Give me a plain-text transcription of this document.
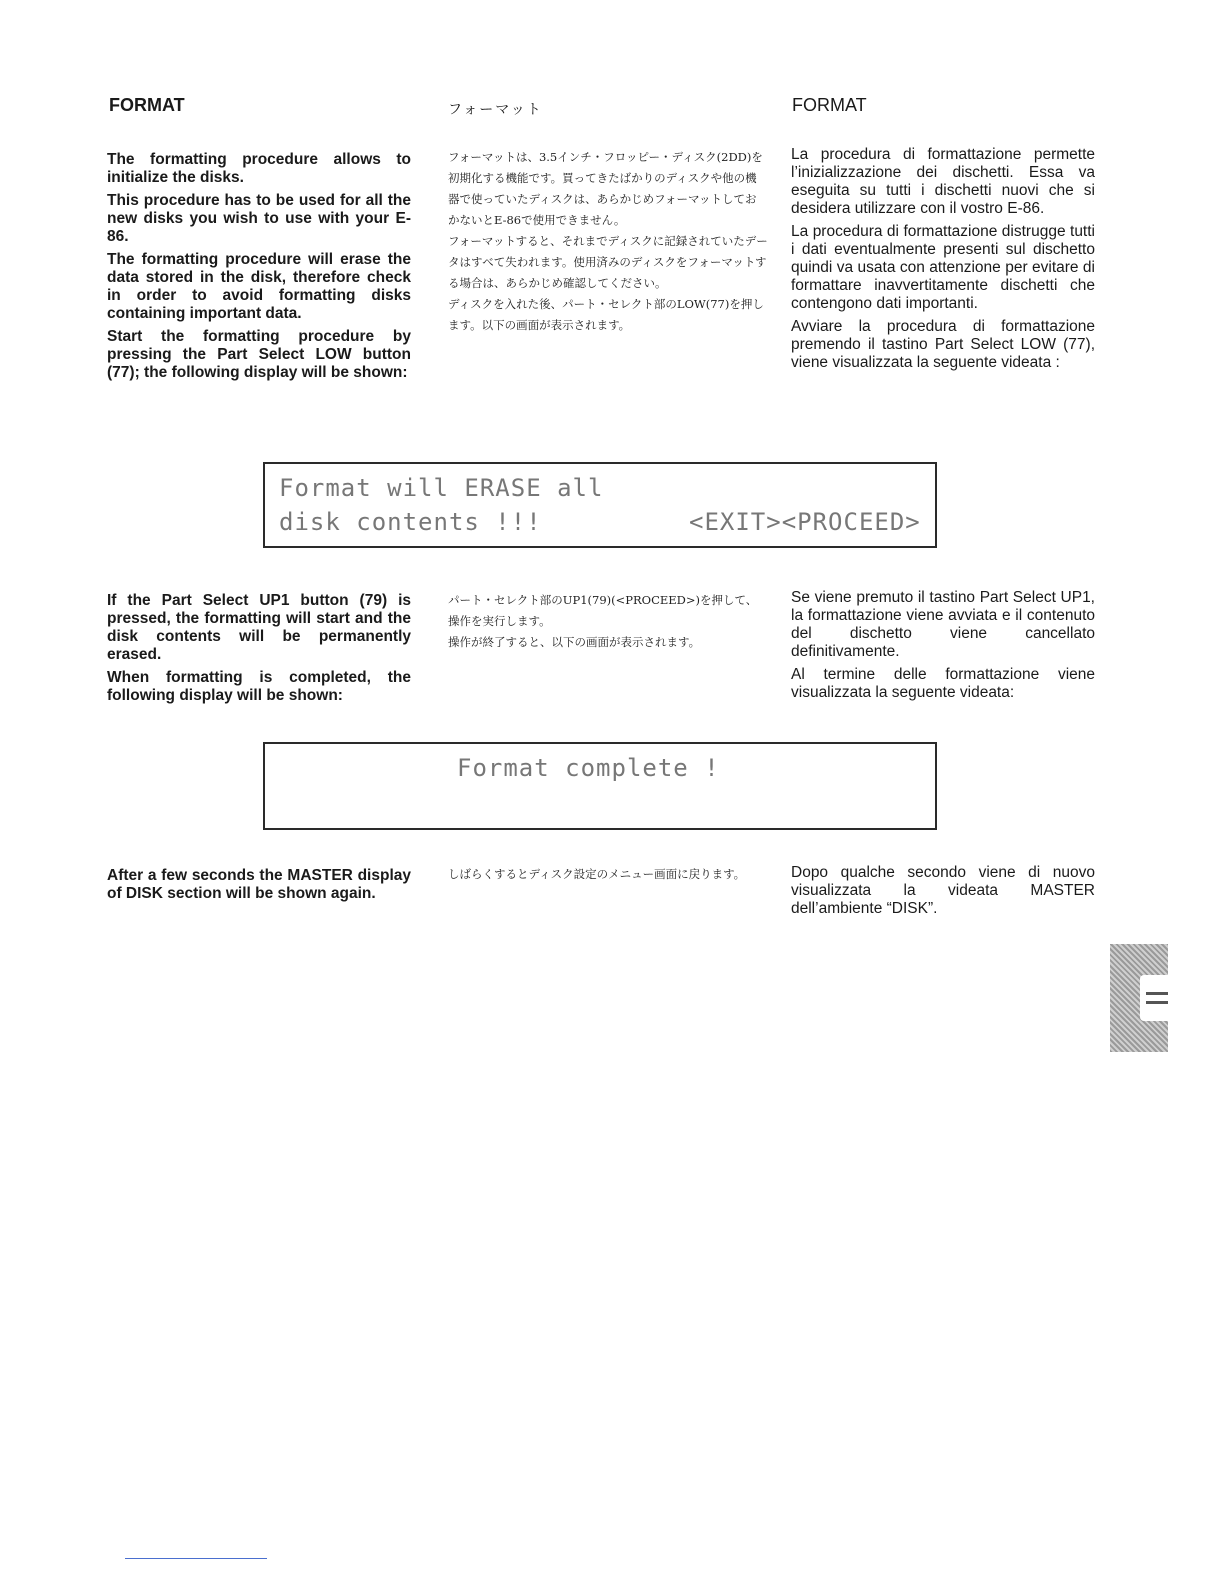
FORMAT	フォーマット	FORMAT

The formatting procedure allows to initialize the disks.

This procedure has to be used for all the new disks you wish to use with your E-86.

The formatting procedure will erase the data stored in the disk, therefore check in order to avoid formatting disks containing important data.

Start the formatting procedure by pressing the Part Select LOW button (77); the following display will be shown:

フォーマットは、3.5インチ・フロッピー・ディスク(2DD)を初期化する機能です。買ってきたばかりのディスクや他の機器で使っていたディスクは、あらかじめフォーマットしておかないとE-86で使用できません。

フォーマットすると、それまでディスクに記録されていたデータはすべて失われます。使用済みのディスクをフォーマットする場合は、あらかじめ確認してください。

ディスクを入れた後、パート・セレクト部のLOW(77)を押します。以下の画面が表示されます。

La procedura di formattazione permette l’inizializzazione dei dischetti. Essa va eseguita su tutti i dischetti nuovi che si desidera utilizzare con il vostro E-86.

La procedura di formattazione distrugge tutti i dati eventualmente presenti sul dischetto quindi va usata con attenzione per evitare di formattare inavvertitamente dischetti che contengono dati importanti.

Avviare la procedura di formattazione premendo il tastino Part Select LOW (77), viene visualizzata la seguente videata :

Format will ERASE all
disk contents !!!	<EXIT><PROCEED>

If the Part Select UP1 button (79) is pressed, the formatting will start and the disk contents will be permanently erased.

When formatting is completed, the following display will be shown:

パート・セレクト部のUP1(79)(<PROCEED>)を押して、操作を実行します。

操作が終了すると、以下の画面が表示されます。

Se viene premuto il tastino Part Select UP1, la formattazione viene avviata e il contenuto del dischetto viene cancellato definitivamente.

Al termine delle formattazione viene visualizzata la seguente videata:

Format complete !

After a few seconds the MASTER display of DISK section will be shown again.

しばらくするとディスク設定のメニュー画面に戻ります。	Dopo qualche secondo viene di nuovo visualizzata la videata MASTER dell’ambiente “DISK”.
